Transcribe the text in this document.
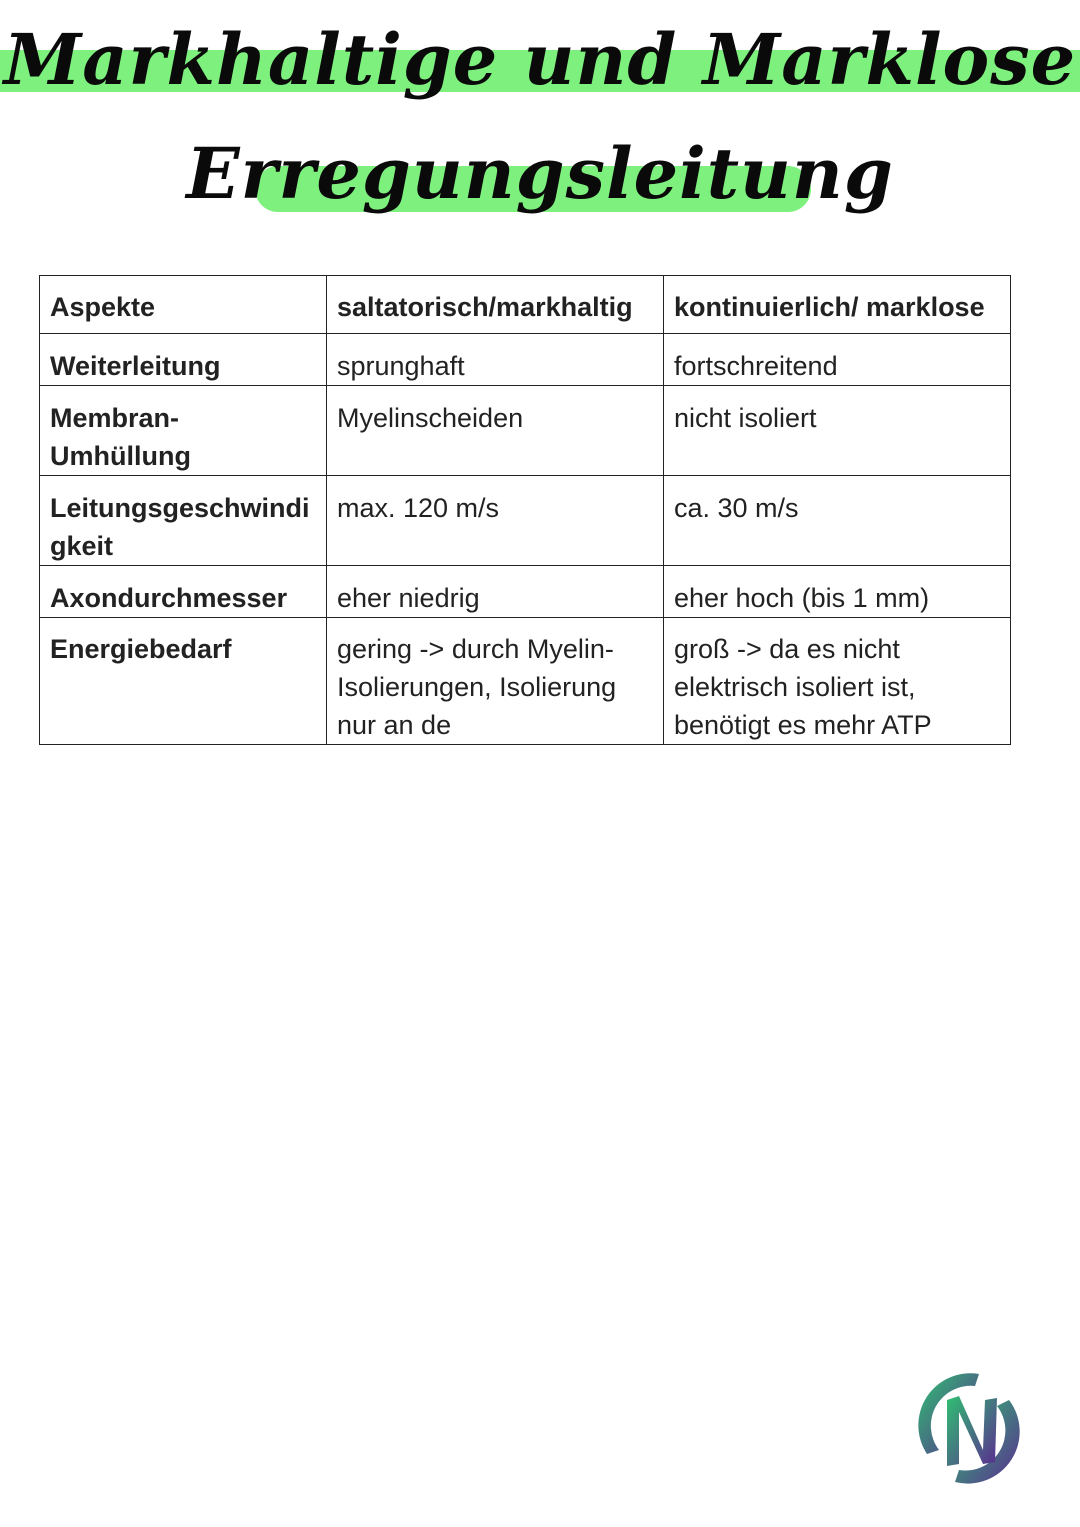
Markhaltige und Marklose
Erregungsleitung
Aspekte	saltatorisch/markhaltig	kontinuierlich/ marklose
Weiterleitung	sprunghaft	fortschreitend
Membran-Umhüllung	Myelinscheiden	nicht isoliert
Leitungsgeschwindigkeit	max. 120 m/s	ca. 30 m/s
Axondurchmesser	eher niedrig	eher hoch (bis 1 mm)
Energiebedarf	gering -> durch Myelin-Isolierungen, Isolierung nur an de	groß -> da es nicht elektrisch isoliert ist, benötigt es mehr ATP
